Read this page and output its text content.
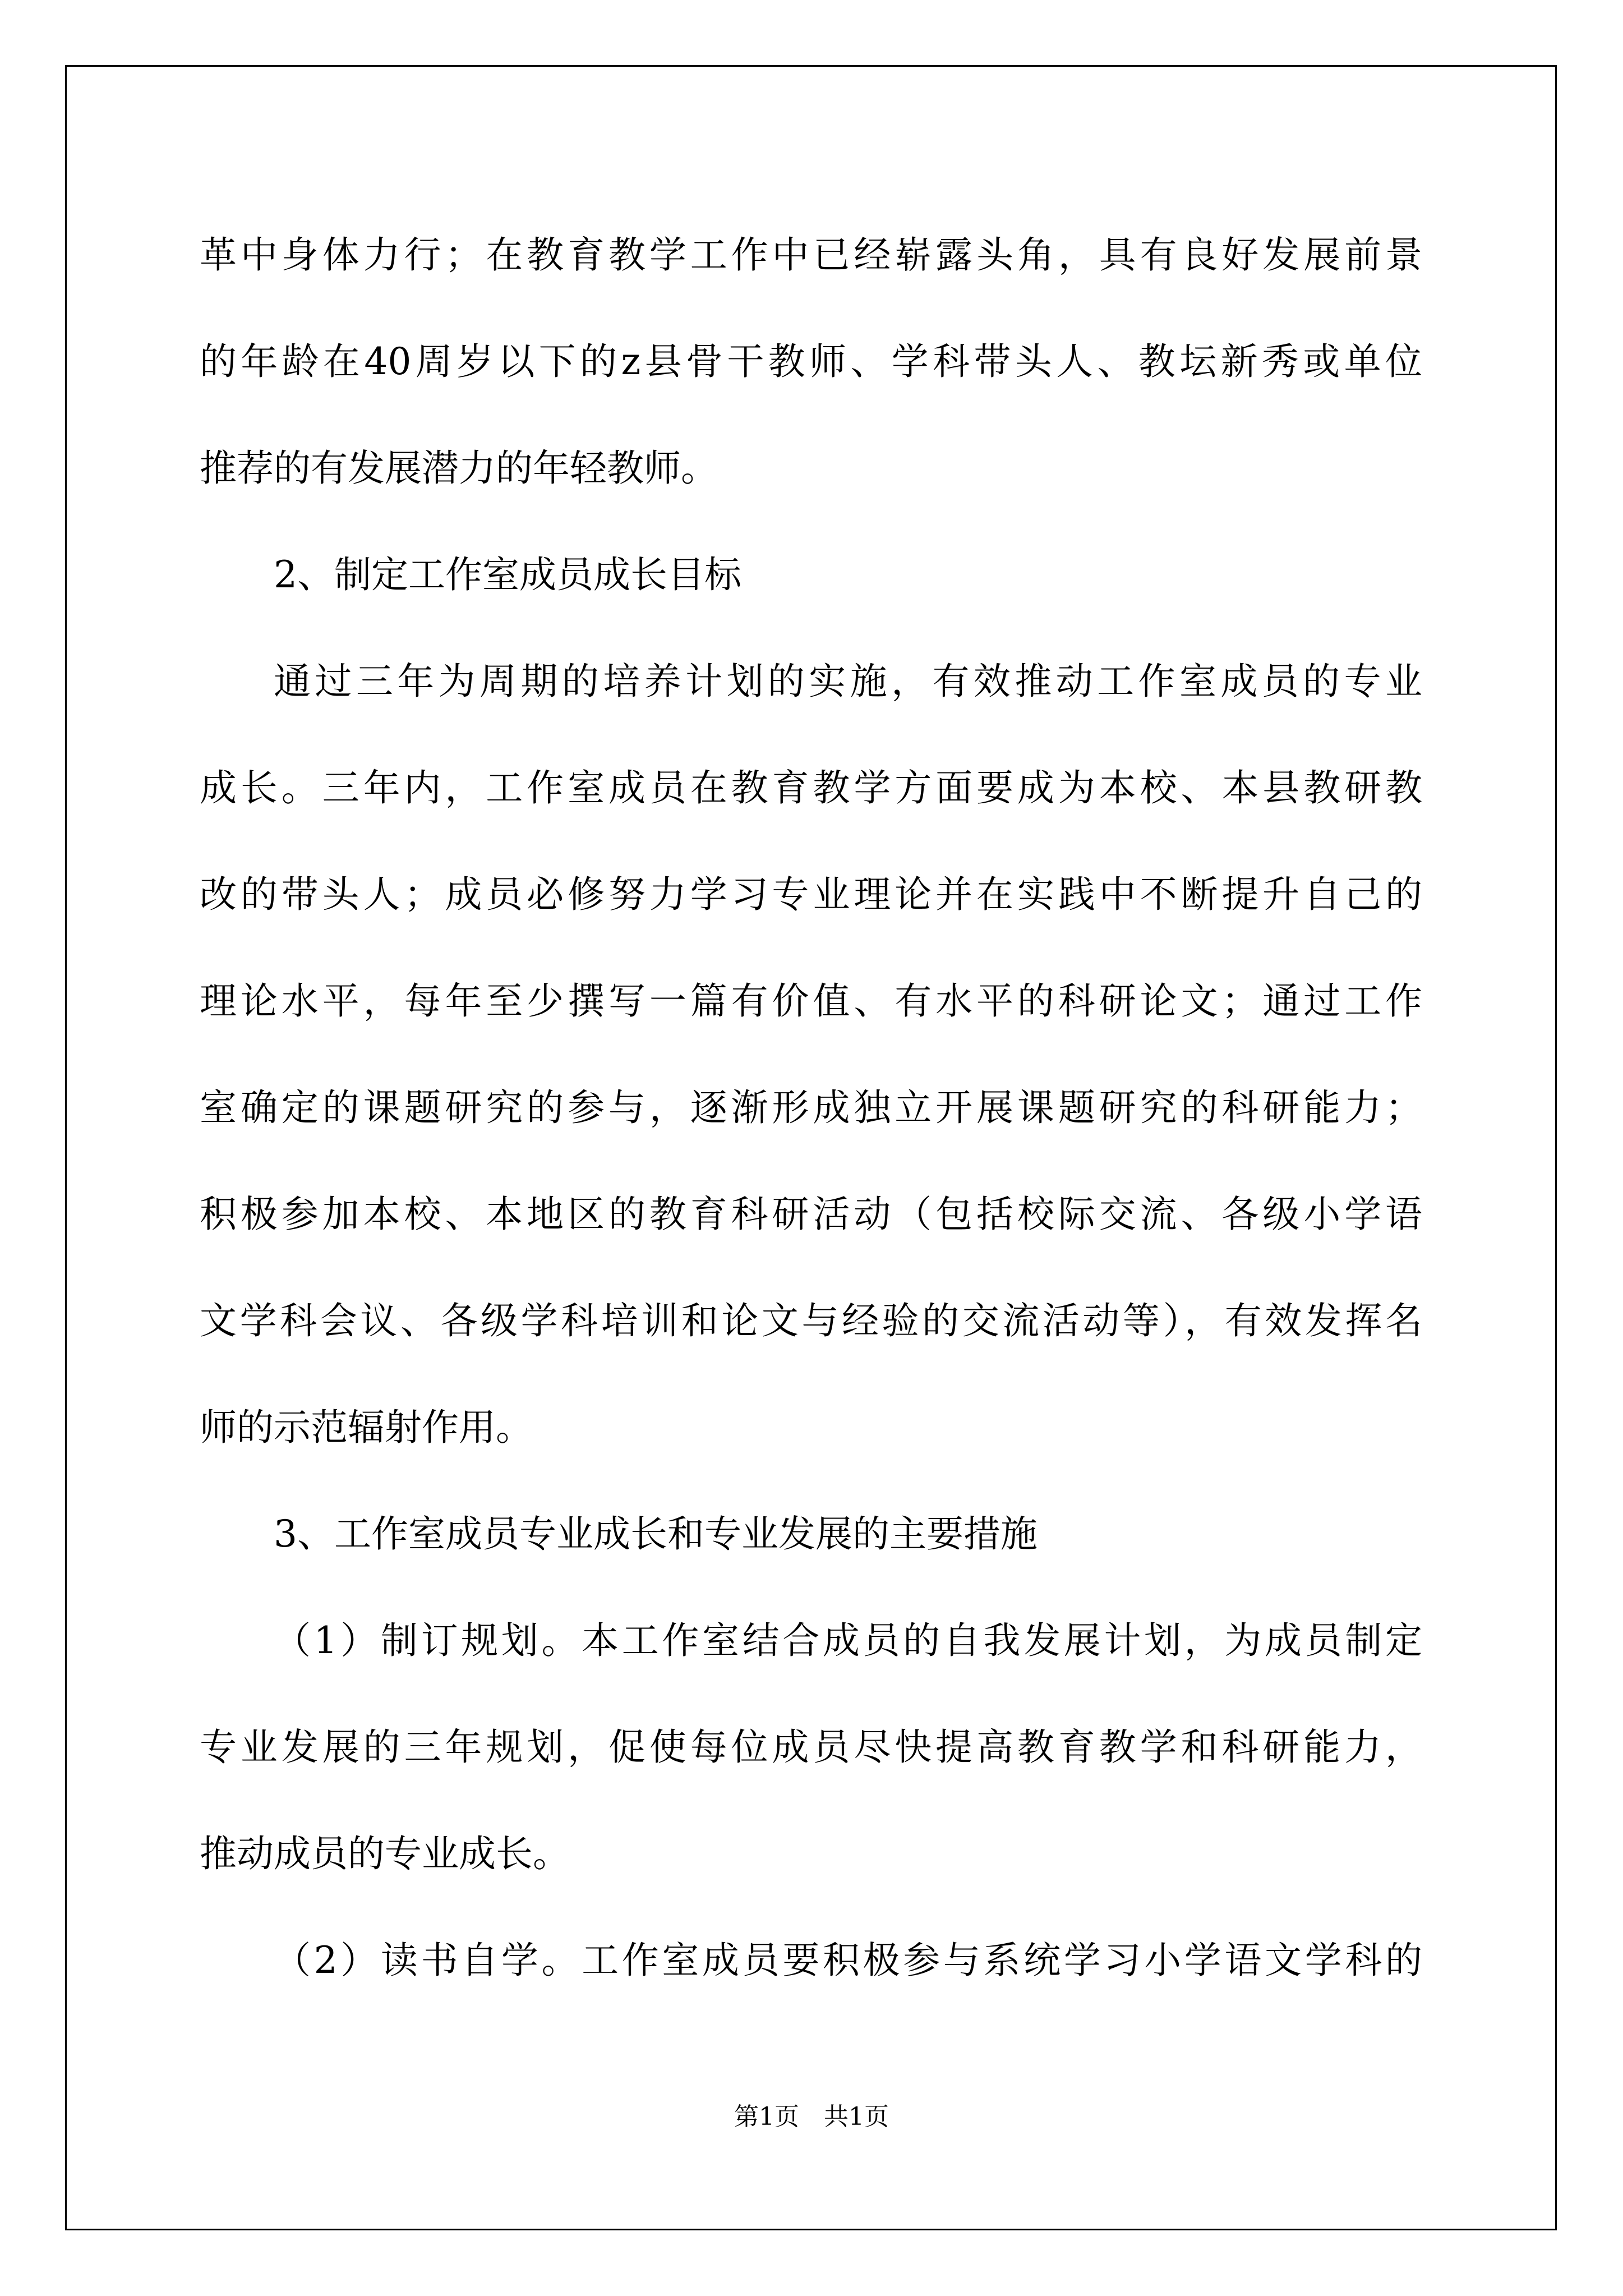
革中身体力行；在教育教学工作中已经崭露头角，具有良好发展前景
的年龄在40周岁以下的z县骨干教师、学科带头人、教坛新秀或单位
推荐的有发展潜力的年轻教师。
2、制定工作室成员成长目标
通过三年为周期的培养计划的实施，有效推动工作室成员的专业
成长。三年内，工作室成员在教育教学方面要成为本校、本县教研教
改的带头人；成员必修努力学习专业理论并在实践中不断提升自己的
理论水平，每年至少撰写一篇有价值、有水平的科研论文；通过工作
室确定的课题研究的参与，逐渐形成独立开展课题研究的科研能力；
积极参加本校、本地区的教育科研活动（包括校际交流、各级小学语
文学科会议、各级学科培训和论文与经验的交流活动等），有效发挥名
师的示范辐射作用。
3、工作室成员专业成长和专业发展的主要措施
（1）制订规划。本工作室结合成员的自我发展计划，为成员制定
专业发展的三年规划，促使每位成员尽快提高教育教学和科研能力，
推动成员的专业成长。
（2）读书自学。工作室成员要积极参与系统学习小学语文学科的
第1页 共1页
